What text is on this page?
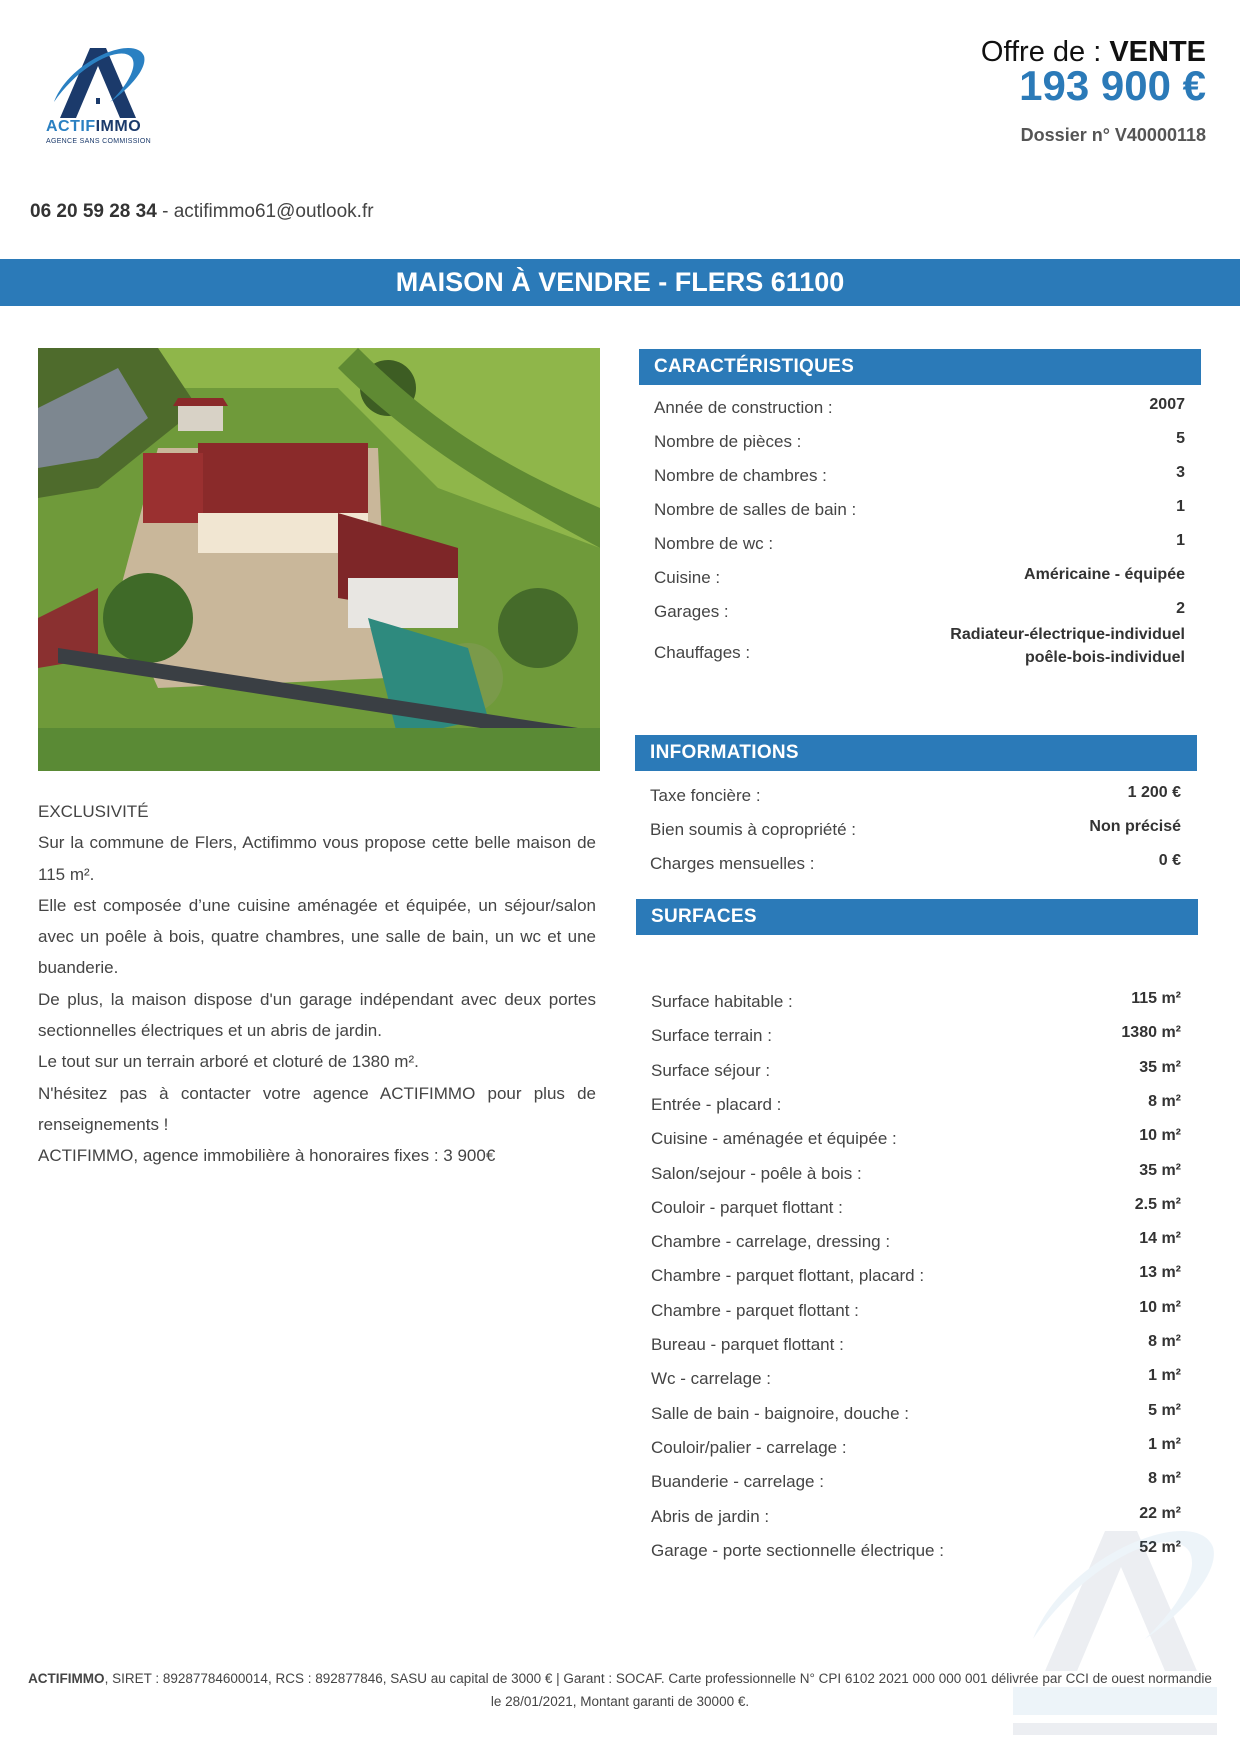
ACTIFIMMO
AGENCE SANS COMMISSION
Offre de : VENTE
193 900 €
Dossier n° V40000118
06 20 59 28 34 - actifimmo61@outlook.fr
MAISON À VENDRE - FLERS 61100

EXCLUSIVITÉ

Sur la commune de Flers, Actifimmo vous propose cette belle maison de 115 m².

Elle est composée d’une cuisine aménagée et équipée, un séjour/salon avec un poêle à bois, quatre chambres, une salle de bain, un wc et une buanderie.

De plus, la maison dispose d'un garage indépendant avec deux portes sectionnelles électriques et un abris de jardin.

Le tout sur un terrain arboré et cloturé de 1380 m².

N'hésitez pas à contacter votre agence ACTIFIMMO pour plus de renseignements !

ACTIFIMMO, agence immobilière à honoraires fixes : 3 900€

CARACTÉRISTIQUES
Année de construction :	2007
Nombre de pièces :	5
Nombre de chambres :	3
Nombre de salles de bain :	1
Nombre de wc :	1
Cuisine :	Américaine - équipée
Garages :	2
Chauffages :
Radiateur-électrique-individuel
poêle-bois-individuel
INFORMATIONS
Taxe foncière :	1 200 €
Bien soumis à copropriété :	Non précisé
Charges mensuelles :	0 €
SURFACES
Surface habitable :	115 m²
Surface terrain :	1380 m²
Surface séjour :	35 m²
Entrée - placard :	8 m²
Cuisine - aménagée et équipée :	10 m²
Salon/sejour - poêle à bois :	35 m²
Couloir - parquet flottant :	2.5 m²
Chambre - carrelage, dressing :	14 m²
Chambre - parquet flottant, placard :	13 m²
Chambre - parquet flottant :	10 m²
Bureau - parquet flottant :	8 m²
Wc - carrelage :	1 m²
Salle de bain - baignoire, douche :	5 m²
Couloir/palier - carrelage :	1 m²
Buanderie - carrelage :	8 m²
Abris de jardin :	22 m²
Garage - porte sectionnelle électrique :	52 m²
ACTIFIMMO, SIRET : 89287784600014, RCS : 892877846, SASU au capital de 3000 € | Garant : SOCAF. Carte professionnelle N° CPI 6102 2021 000 000 001 délivrée par CCI de ouest normandie le 28/01/2021, Montant garanti de 30000 €.
